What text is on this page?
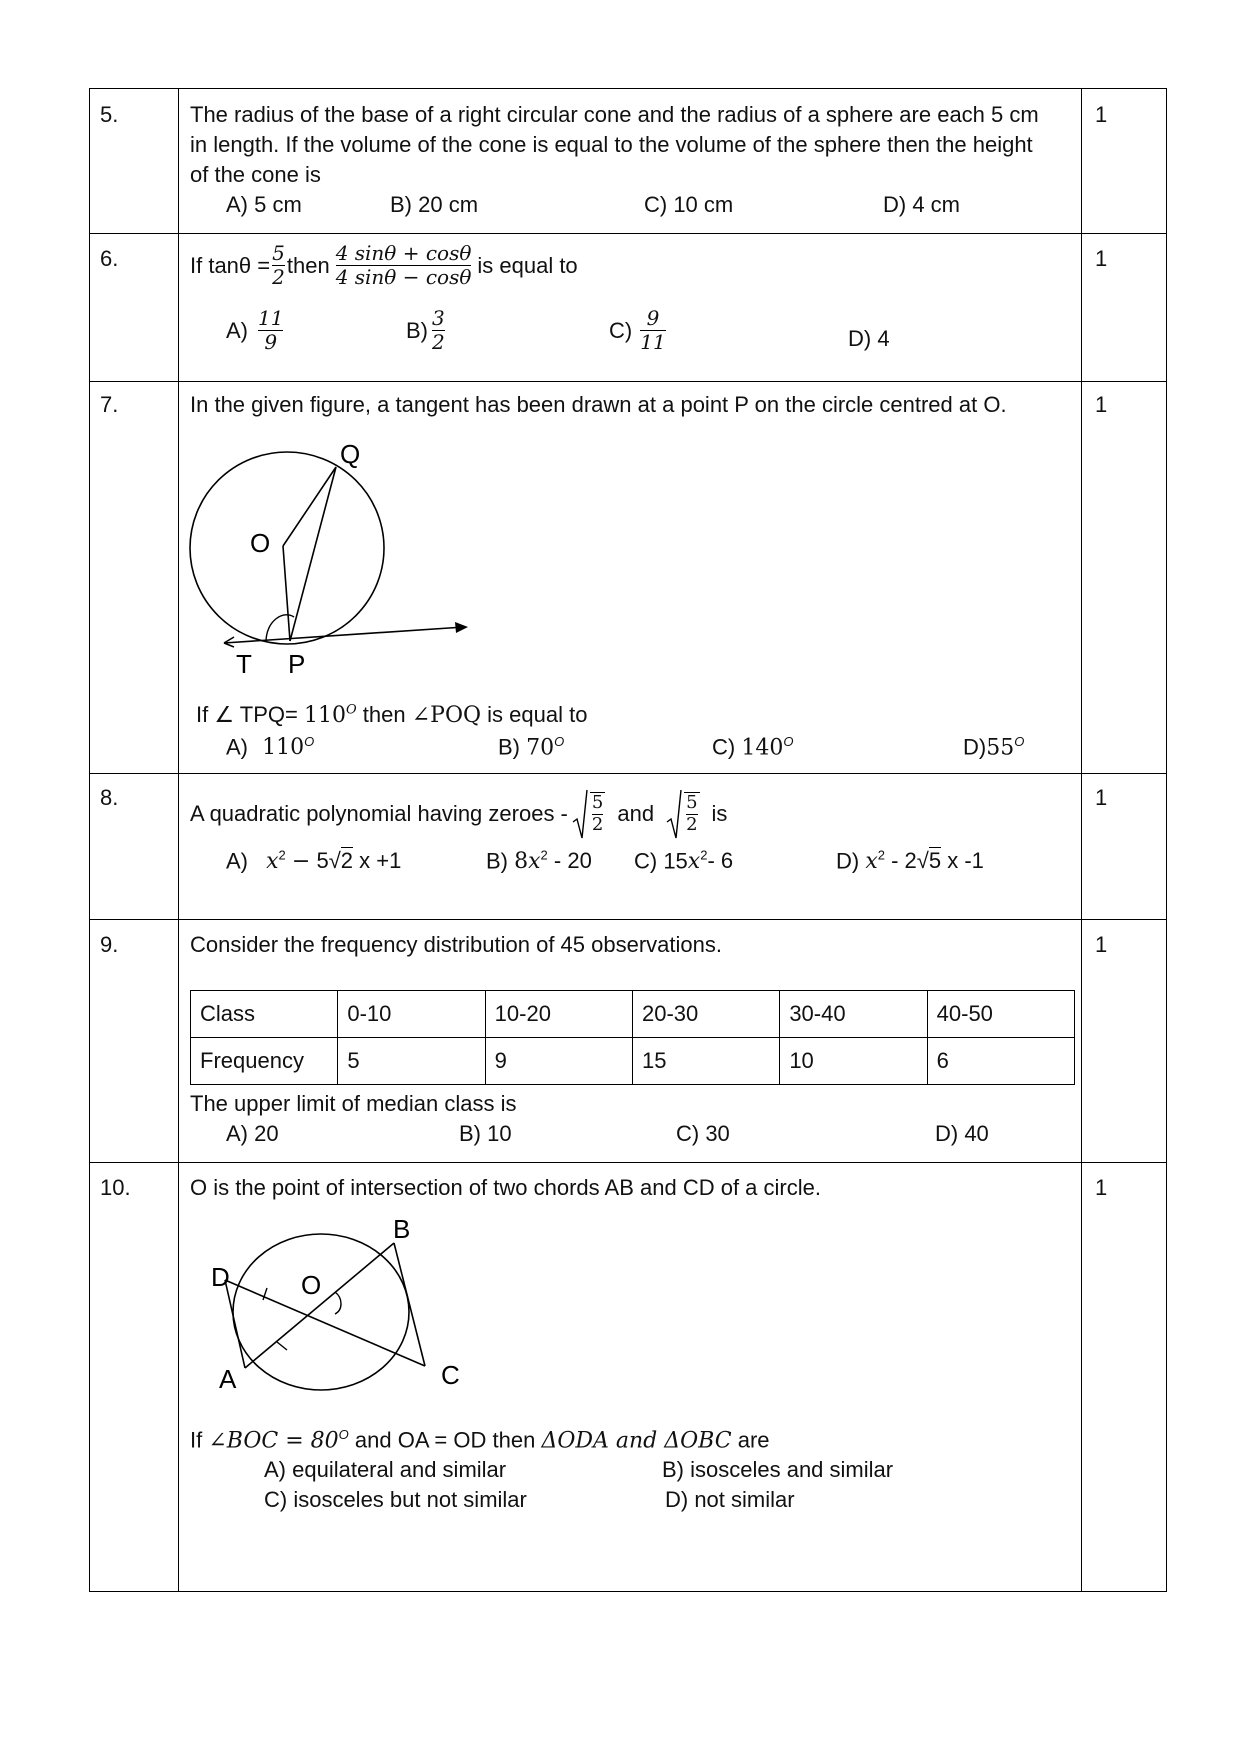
5.	1
The radius of the base of a right circular cone and the radius of a sphere are each 5 cm
in length. If the volume of the cone is equal to the volume of the sphere then the height
of the cone is
A) 5 cm	B) 20 cm	C) 10 cm	D) 4 cm
6.	1
If $\tan\theta = \frac{5}{2}$ then $\frac{4 \sin\theta + \cos\theta}{4 \sin\theta - \cos\theta}$ is equal to
$A) \frac{11}{9}$	$B) \frac{3}{2}$	$C) \frac{9}{11}$	D) 4
7.	1
In the given figure, a tangent has been drawn at a point P on the circle centred at O.
Q
O
T P
If ∠ $TPQ= 110^O$ then ∠POQ is equal to
A) $110^O$	B) $70^O$	C) $140^O$	$D)55^O$
8.	1
A quadratic polynomial having zeroes - $\frac{5}{2}$ and $\frac{5}{2}$ is
A) $x^2 - 5√2$ x +1	B) $8x^2 - 20$ C) $15x^2-$ 6	D) $x^2 - 2√5$ x -1
9.	1
Consider the frequency distribution of 45 observations.
Class	0-10	10-20	20-30	30-40	40-50
Frequency	5	9	15	10	6
The upper limit of median class is
A) 20	B) 10	C) 30	D) 40
10.	1
O is the point of intersection of two chords AB and CD of a circle.
B
D	O
A	C
If ∠BOC = $80^O$ and OA = OD then ΔODA and ΔOBC are
A) equilateral and similar	B) isosceles and similar
C) isosceles but not similar	D) not similar
